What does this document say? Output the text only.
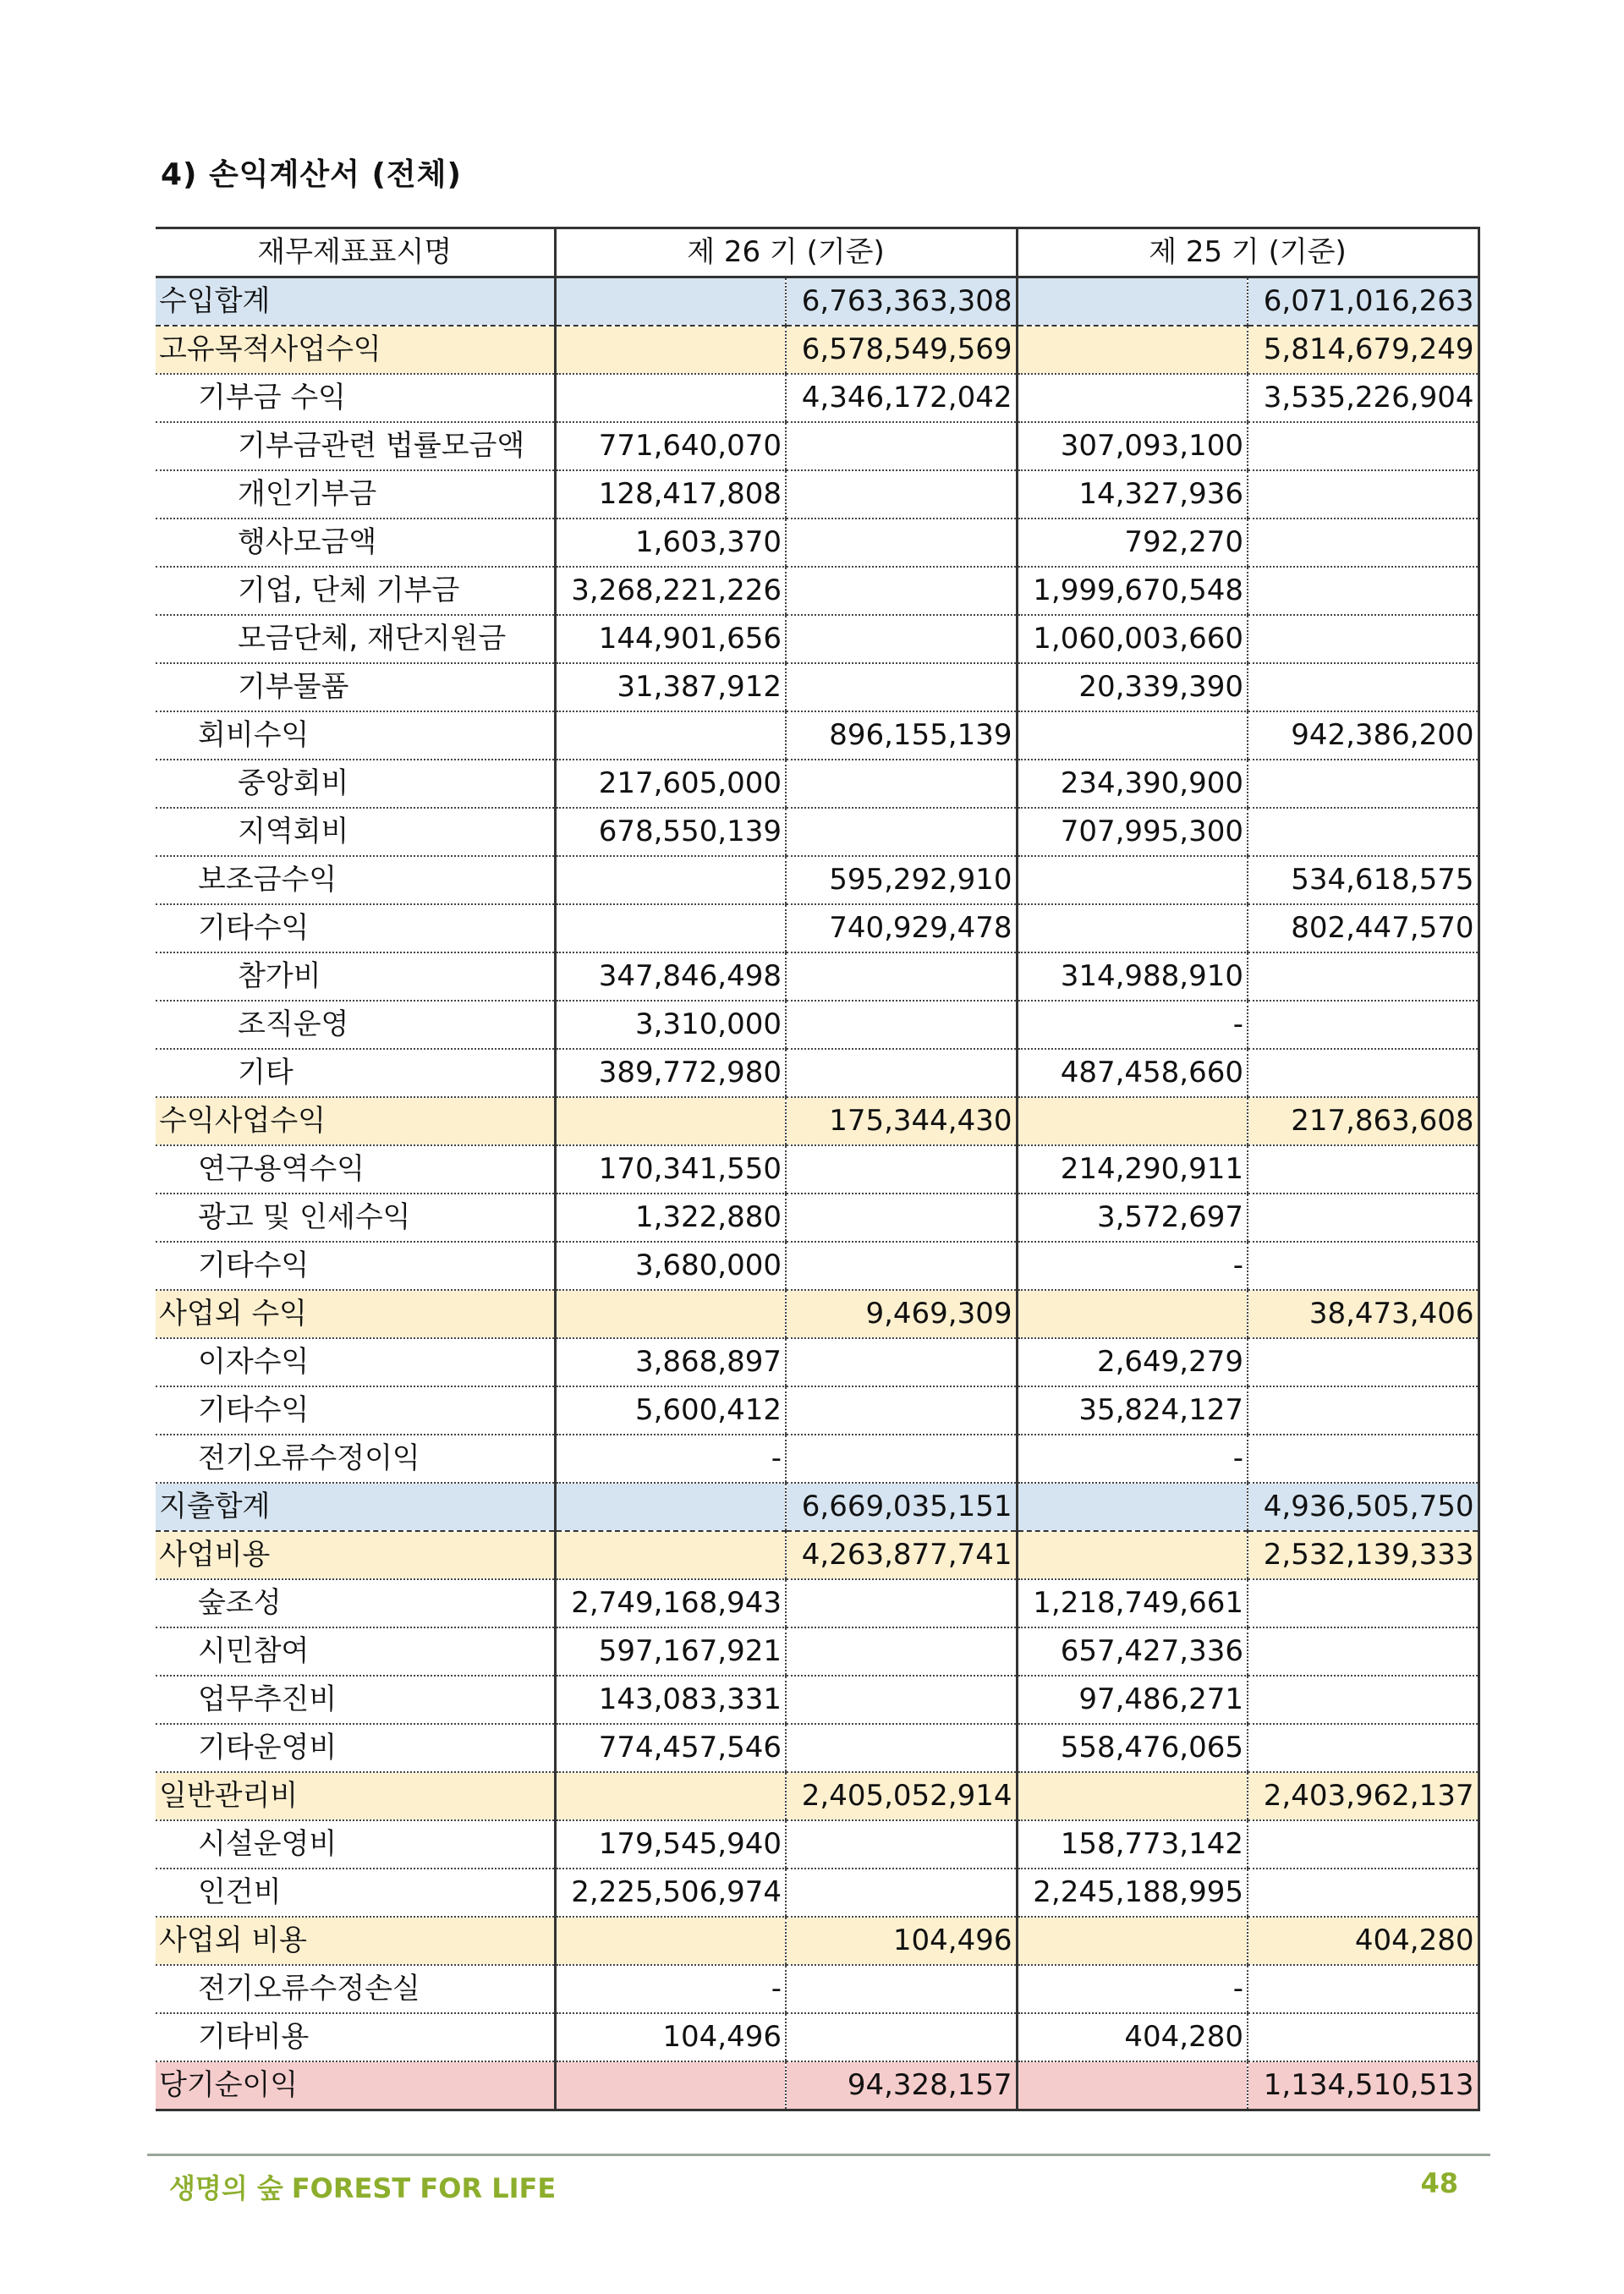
4) 손익계산서 (전체)
재무제표표시명	제 26 기 (기준)		제 25 기 (기준)	
수입합계		6,763,363,308		6,071,016,263
고유목적사업수익		6,578,549,569		5,814,679,249
기부금 수익		4,346,172,042		3,535,226,904
기부금관련 법률모금액	771,640,070		307,093,100	
개인기부금	128,417,808		14,327,936	
행사모금액	1,603,370		792,270	
기업, 단체 기부금	3,268,221,226		1,999,670,548	
모금단체, 재단지원금	144,901,656		1,060,003,660	
기부물품	31,387,912		20,339,390	
회비수익		896,155,139		942,386,200
중앙회비	217,605,000		234,390,900	
지역회비	678,550,139		707,995,300	
보조금수익		595,292,910		534,618,575
기타수익		740,929,478		802,447,570
참가비	347,846,498		314,988,910	
조직운영	3,310,000		-	
기타	389,772,980		487,458,660	
수익사업수익		175,344,430		217,863,608
연구용역수익	170,341,550		214,290,911	
광고 및 인세수익	1,322,880		3,572,697	
기타수익	3,680,000		-	
사업외 수익		9,469,309		38,473,406
이자수익	3,868,897		2,649,279	
기타수익	5,600,412		35,824,127	
전기오류수정이익	-		-	
지출합계		6,669,035,151		4,936,505,750
사업비용		4,263,877,741		2,532,139,333
숲조성	2,749,168,943		1,218,749,661	
시민참여	597,167,921		657,427,336	
업무추진비	143,083,331		97,486,271	
기타운영비	774,457,546		558,476,065	
일반관리비		2,405,052,914		2,403,962,137
시설운영비	179,545,940		158,773,142	
인건비	2,225,506,974		2,245,188,995	
사업외 비용		104,496		404,280
전기오류수정손실	-		-	
기타비용	104,496		404,280	
당기순이익		94,328,157		1,134,510,513
생명의 숲 FOREST FOR LIFE	48
